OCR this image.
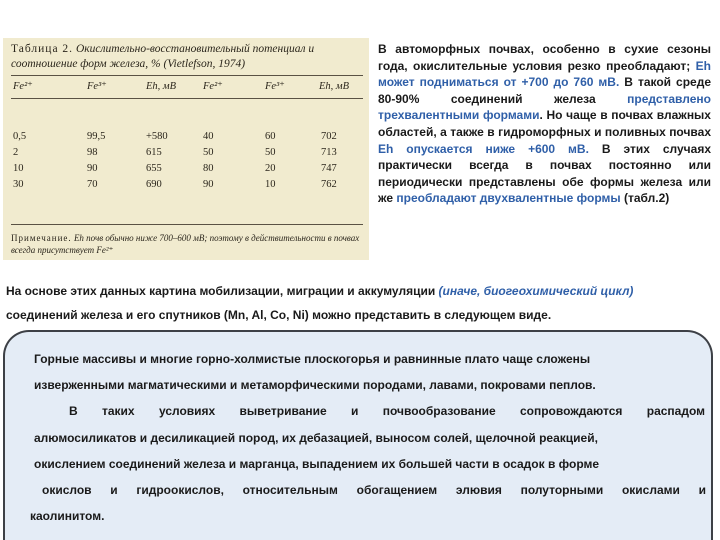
Таблица 2. Окислительно-восстановительный потенциал и соотношение форм железа, % (Vietlefson, 1974)
Fe²⁺	Fe³⁺	Eh, мВ	Fe²⁺	Fe³⁺	Eh, мВ
0,5	99,5	+580	40	60	702
2	98	615	50	50	713
10	90	655	80	20	747
30	70	690	90	10	762
Примечание. Eh почв обычно ниже 700–600 мВ; поэтому в действительности в почвах всегда присутствует Fe²⁺
В автоморфных почвах, особенно в сухие сезоны года, окислительные условия резко преобладают; Eh может подниматься от +700 до 760 мВ. В такой среде 80-90% соединений железа представлено трехвалентными формами. Но чаще в почвах влажных областей, а также в гидроморфных и поливных почвах Eh опускается ниже +600 мВ. В этих случаях практически всегда в почвах постоянно или периодически представлены обе формы железа или же преобладают двухвалентные формы (табл.2)
На основе этих данных картина мобилизации, миграции и аккумуляции (иначе, биогеохимический цикл) соединений железа и его спутников (Mn, Al, Co, Ni) можно представить в следующем виде.
Горные массивы и многие горно-холмистые плоскогорья и равнинные плато чаще сложены
изверженными магматическими и метаморфическими породами, лавами, покровами пеплов.
В таких условиях выветривание и почвообразование сопровождаются распадом
алюмосиликатов и десиликацией пород, их дебазацией, выносом солей, щелочной реакцией,
окислением соединений железа и марганца, выпадением их большей части в осадок в форме
окислов и гидроокислов, относительным обогащением элювия полуторными окислами и
каолинитом.
